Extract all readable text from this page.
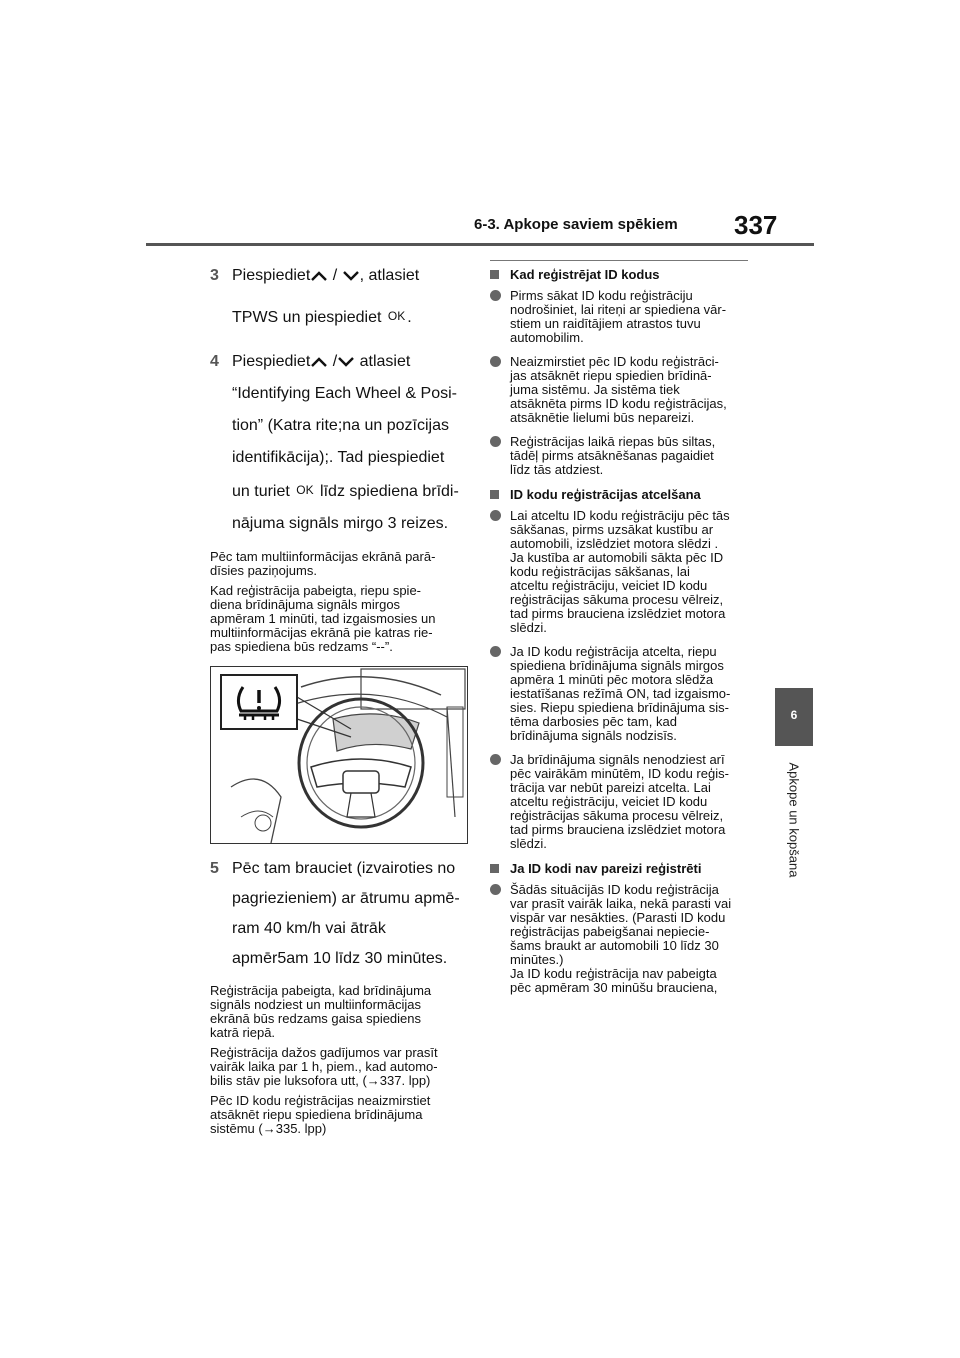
6-3. Apkope saviem spēkiem 337
6
Apkope un kopšana
3 Piespiediet / , atlasiet
TPWS un piespiediet OK .
4 Piespiediet / atlasiet
“Identifying Each Wheel & Posi-
tion” (Katra rite;na un pozīcijas
identifikācija);. Tad piespiediet
un turiet OK līdz spiediena brīdi-
nājuma signāls mirgo 3 reizes.
Pēc tam multiinformācijas ekrānā parā-
dīsies paziņojums.
Kad reģistrācija pabeigta, riepu spie-
diena brīdinājuma signāls mirgos
apmēram 1 minūti, tad izgaismosies un
multiinformācijas ekrānā pie katras rie-
pas spiediena būs redzams “--”.
5 Pēc tam brauciet (izvairoties no
pagriezieniem) ar ātrumu apmē-
ram 40 km/h vai ātrāk
apmēr5am 10 līdz 30 minūtes.
Reģistrācija pabeigta, kad brīdinājuma
signāls nodziest un multiinformācijas
ekrānā būs redzams gaisa spiediens
katrā riepā.
Reģistrācija dažos gadījumos var prasīt
vairāk laika par 1 h, piem., kad automo-
bilis stāv pie luksofora utt, (→337. lpp)
Pēc ID kodu reģistrācijas neaizmirstiet
atsāknēt riepu spiediena brīdinājuma
sistēmu (→335. lpp)
Kad reģistrējat ID kodus
Pirms sākat ID kodu reģistrāciju
nodrošiniet, lai riteņi ar spiediena vār-
stiem un raidītājiem atrastos tuvu
automobilim.
Neaizmirstiet pēc ID kodu reģistrāci-
jas atsāknēt riepu spiedien brīdinā-
juma sistēmu. Ja sistēma tiek
atsāknēta pirms ID kodu reģistrācijas,
atsāknētie lielumi būs nepareizi.
Reģistrācijas laikā riepas būs siltas,
tādēļ pirms atsāknēšanas pagaidiet
līdz tās atdziest.
ID kodu reģistrācijas atcelšana
Lai atceltu ID kodu reģistrāciju pēc tās
sākšanas, pirms uzsākat kustību ar
automobili, izslēdziet motora slēdzi .
Ja kustība ar automobili sākta pēc ID
kodu reģistrācijas sākšanas, lai
atceltu reģistrāciju, veiciet ID kodu
reģistrācijas sākuma procesu vēlreiz,
tad pirms brauciena izslēdziet motora
slēdzi.
Ja ID kodu reģistrācija atcelta, riepu
spiediena brīdinājuma signāls mirgos
apmēra 1 minūti pēc motora slēdža
iestatīšanas režīmā ON, tad izgaismo-
sies. Riepu spiediena brīdinājuma sis-
tēma darbosies pēc tam, kad
brīdinājuma signāls nodzisīs.
Ja brīdinājuma signāls nenodziest arī
pēc vairākām minūtēm, ID kodu reģis-
trācija var nebūt pareizi atcelta. Lai
atceltu reģistrāciju, veiciet ID kodu
reģistrācijas sākuma procesu vēlreiz,
tad pirms brauciena izslēdziet motora
slēdzi.
Ja ID kodi nav pareizi reģistrēti
Šādās situācijās ID kodu reģistrācija
var prasīt vairāk laika, nekā parasti vai
vispār var nesākties. (Parasti ID kodu
reģistrācijas pabeigšanai nepiecie-
šams braukt ar automobili 10 līdz 30
minūtes.)
Ja ID kodu reģistrācija nav pabeigta
pēc apmēram 30 minūšu brauciena,
